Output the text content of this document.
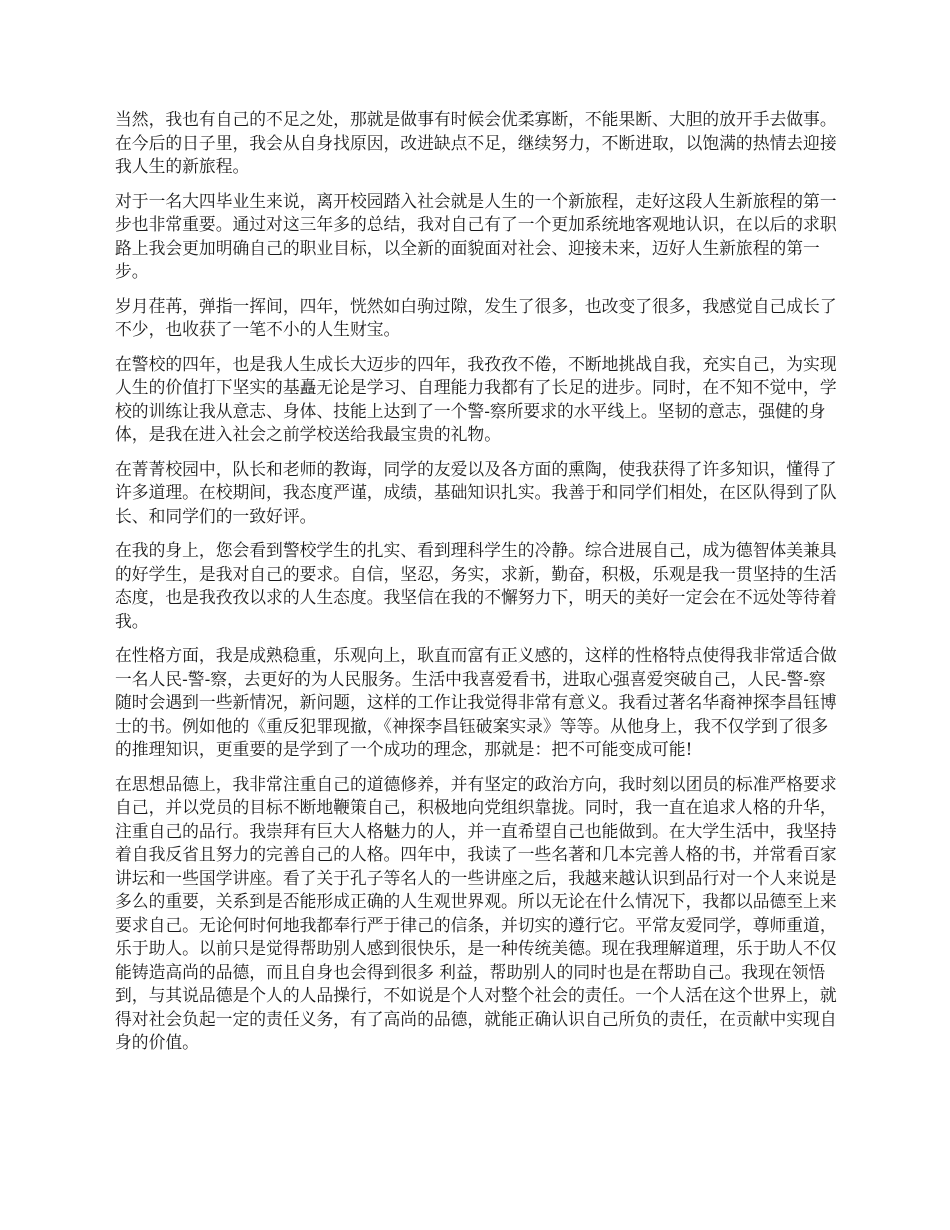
当然，我也有自己的不足之处，那就是做事有时候会优柔寡断，不能果断、大胆的放开手去做事。在今后的日子里，我会从自身找原因，改进缺点不足，继续努力，不断进取，以饱满的热情去迎接我人生的新旅程。

对于一名大四毕业生来说，离开校园踏入社会就是人生的一个新旅程，走好这段人生新旅程的第一步也非常重要。通过对这三年多的总结，我对自己有了一个更加系统地客观地认识，在以后的求职路上我会更加明确自己的职业目标，以全新的面貌面对社会、迎接未来，迈好人生新旅程的第一步。

岁月荏苒，弹指一挥间，四年，恍然如白驹过隙，发生了很多，也改变了很多，我感觉自己成长了不少，也收获了一笔不小的人生财宝。

在警校的四年，也是我人生成长大迈步的四年，我孜孜不倦，不断地挑战自我，充实自己，为实现人生的价值打下坚实的基矗无论是学习、自理能力我都有了长足的进步。同时，在不知不觉中，学校的训练让我从意志、身体、技能上达到了一个警-察所要求的水平线上。坚韧的意志，强健的身体，是我在进入社会之前学校送给我最宝贵的礼物。

在菁菁校园中，队长和老师的教诲，同学的友爱以及各方面的熏陶，使我获得了许多知识，懂得了许多道理。在校期间，我态度严谨，成绩，基础知识扎实。我善于和同学们相处，在区队得到了队长、和同学们的一致好评。

在我的身上，您会看到警校学生的扎实、看到理科学生的冷静。综合进展自己，成为德智体美兼具的好学生，是我对自己的要求。自信，坚忍，务实，求新，勤奋，积极，乐观是我一贯坚持的生活态度，也是我孜孜以求的人生态度。我坚信在我的不懈努力下，明天的美好一定会在不远处等待着我。

在性格方面，我是成熟稳重，乐观向上，耿直而富有正义感的，这样的性格特点使得我非常适合做一名人民-警-察，去更好的为人民服务。生活中我喜爱看书，进取心强喜爱突破自己，人民-警-察随时会遇到一些新情况，新问题，这样的工作让我觉得非常有意义。我看过著名华裔神探李昌钰博士的书。例如他的《重反犯罪现撤，《神探李昌钰破案实录》等等。从他身上，我不仅学到了很多的推理知识，更重要的是学到了一个成功的理念，那就是：把不可能变成可能!

在思想品德上，我非常注重自己的道德修养，并有坚定的政治方向，我时刻以团员的标准严格要求自己，并以党员的目标不断地鞭策自己，积极地向党组织靠拢。同时，我一直在追求人格的升华，注重自己的品行。我崇拜有巨大人格魅力的人，并一直希望自己也能做到。在大学生活中，我坚持着自我反省且努力的完善自己的人格。四年中，我读了一些名著和几本完善人格的书，并常看百家讲坛和一些国学讲座。看了关于孔子等名人的一些讲座之后，我越来越认识到品行对一个人来说是多么的重要，关系到是否能形成正确的人生观世界观。所以无论在什么情况下，我都以品德至上来要求自己。无论何时何地我都奉行严于律己的信条，并切实的遵行它。平常友爱同学，尊师重道，乐于助人。以前只是觉得帮助别人感到很快乐，是一种传统美德。现在我理解道理，乐于助人不仅能铸造高尚的品德，而且自身也会得到很多 利益，帮助别人的同时也是在帮助自己。我现在领悟到，与其说品德是个人的人品操行，不如说是个人对整个社会的责任。一个人活在这个世界上，就得对社会负起一定的责任义务，有了高尚的品德，就能正确认识自己所负的责任，在贡献中实现自身的价值。
